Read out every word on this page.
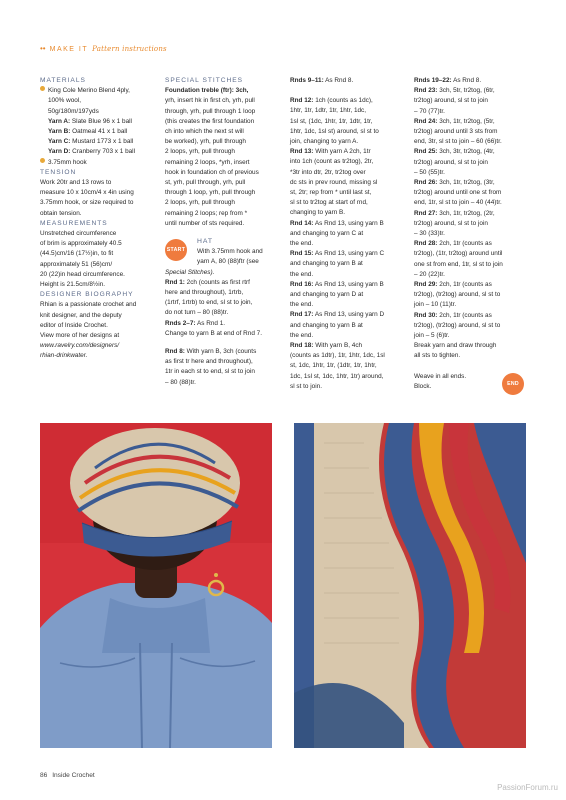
•• MAKE IT Pattern instructions

MATERIALS

King Cole Merino Blend 4ply,

100% wool,

50g/180m/197yds

Yarn A: Slate Blue 96 x 1 ball

Yarn B: Oatmeal 41 x 1 ball

Yarn C: Mustard 1773 x 1 ball

Yarn D: Cranberry 703 x 1 ball

3.75mm hook

TENSION

Work 20tr and 13 rows to

measure 10 x 10cm/4 x 4in using

3.75mm hook, or size required to

obtain tension.

MEASUREMENTS

Unstretched circumference

of brim is approximately 40.5

(44.5)cm/16 (17½)in, to fit

approximately 51 (56)cm/

20 (22)in head circumference.

Height is 21.5cm/8½in.

DESIGNER BIOGRAPHY

Rhian is a passionate crochet and

knit designer, and the deputy

editor of Inside Crochet.

View more of her designs at

www.ravelry.com/designers/

rhian-drinkwater.

SPECIAL STITCHES

Foundation treble (ftr): 3ch,

yrh, insert hk in first ch, yrh, pull

through, yrh, pull through 1 loop

(this creates the first foundation

ch into which the next st will

be worked), yrh, pull through

2 loops, yrh, pull through

remaining 2 loops, *yrh, insert

hook in foundation ch of previous

st, yrh, pull through, yrh, pull

through 1 loop, yrh, pull through

2 loops, yrh, pull through

remaining 2 loops; rep from *

until number of sts required.

START

HAT

With 3.75mm hook and

yarn A, 80 (88)ftr (see

Special Stitches).

Rnd 1: 2ch (counts as first rtrf

here and throughout), 1rtrb,

(1rtrf, 1rtrb) to end, sl st to join,

do not turn – 80 (88)tr.

Rnds 2–7: As Rnd 1.

Change to yarn B at end of Rnd 7.

Rnd 8: With yarn B, 3ch (counts

as first tr here and throughout),

1tr in each st to end, sl st to join

– 80 (88)tr.

Rnds 9–11: As Rnd 8.

Rnd 12: 1ch (counts as 1dc),

1htr, 1tr, 1dtr, 1tr, 1htr, 1dc,

1sl st, (1dc, 1htr, 1tr, 1dtr, 1tr,

1htr, 1dc, 1sl st) around, sl st to

join, changing to yarn A.

Rnd 13: With yarn A 2ch, 1tr

into 1ch (count as tr2tog), 2tr,

*3tr into dtr, 2tr, tr2tog over

dc sts in prev round, missing sl

st, 2tr; rep from * until last st,

sl st to tr2tog at start of rnd,

changing to yarn B.

Rnd 14: As Rnd 13, using yarn B

and changing to yarn C at

the end.

Rnd 15: As Rnd 13, using yarn C

and changing to yarn B at

the end.

Rnd 16: As Rnd 13, using yarn B

and changing to yarn D at

the end.

Rnd 17: As Rnd 13, using yarn D

and changing to yarn B at

the end.

Rnd 18: With yarn B, 4ch

(counts as 1dtr), 1tr, 1htr, 1dc, 1sl

st, 1dc, 1htr, 1tr, (1dtr, 1tr, 1htr,

1dc, 1sl st, 1dc, 1htr, 1tr) around,

sl st to join.

Rnds 19–22: As Rnd 8.

Rnd 23: 3ch, 5tr, tr2tog, (6tr,

tr2tog) around, sl st to join

– 70 (77)tr.

Rnd 24: 3ch, 1tr, tr2tog, (5tr,

tr2tog) around until 3 sts from

end, 3tr, sl st to join – 60 (66)tr.

Rnd 25: 3ch, 3tr, tr2tog, (4tr,

tr2tog) around, sl st to join

– 50 (55)tr.

Rnd 26: 3ch, 1tr, tr2tog, (3tr,

tr2tog) around until one st from

end, 1tr, sl st to join – 40 (44)tr.

Rnd 27: 3ch, 1tr, tr2tog, (2tr,

tr2tog) around, sl st to join

– 30 (33)tr.

Rnd 28: 2ch, 1tr (counts as

tr2tog), (1tr, tr2tog) around until

one st from end, 1tr, sl st to join

– 20 (22)tr.

Rnd 29: 2ch, 1tr (counts as

tr2tog), (tr2tog) around, sl st to

join – 10 (11)tr.

Rnd 30: 2ch, 1tr (counts as

tr2tog), (tr2tog) around, sl st to

join – 5 (6)tr.

Break yarn and draw through

all sts to tighten.

Weave in all ends.

Block.	END
86 Inside Crochet
PassionForum.ru
